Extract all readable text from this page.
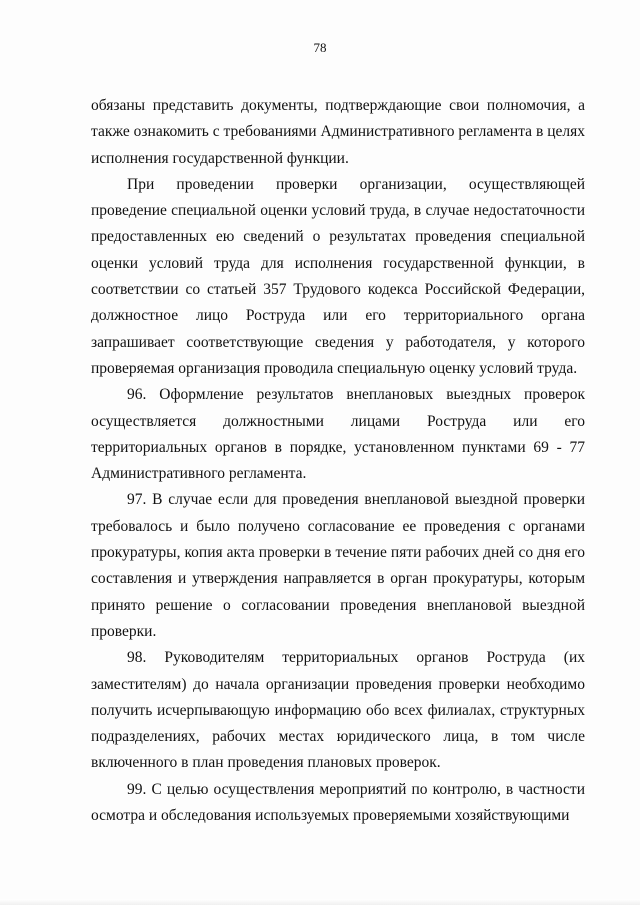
78

обязаны представить документы, подтверждающие свои полномочия, а также ознакомить с требованиями Административного регламента в целях исполнения государственной функции.

При проведении проверки организации, осуществляющей проведение специальной оценки условий труда, в случае недостаточности предоставленных ею сведений о результатах проведения специальной оценки условий труда для исполнения государственной функции, в соответствии со статьей 357 Трудового кодекса Российской Федерации, должностное лицо Роструда или его территориального органа запрашивает соответствующие сведения у работодателя, у которого проверяемая организация проводила специальную оценку условий труда.

96. Оформление результатов внеплановых выездных проверок осуществляется должностными лицами Роструда или его территориальных органов в порядке, установленном пунктами 69 - 77 Административного регламента.

97. В случае если для проведения внеплановой выездной проверки требовалось и было получено согласование ее проведения с органами прокуратуры, копия акта проверки в течение пяти рабочих дней со дня его составления и утверждения направляется в орган прокуратуры, которым принято решение о согласовании проведения внеплановой выездной проверки.

98. Руководителям территориальных органов Роструда (их заместителям) до начала организации проведения проверки необходимо получить исчерпывающую информацию обо всех филиалах, структурных подразделениях, рабочих местах юридического лица, в том числе включенного в план проведения плановых проверок.

99. С целью осуществления мероприятий по контролю, в частности осмотра и обследования используемых проверяемыми хозяйствующими
